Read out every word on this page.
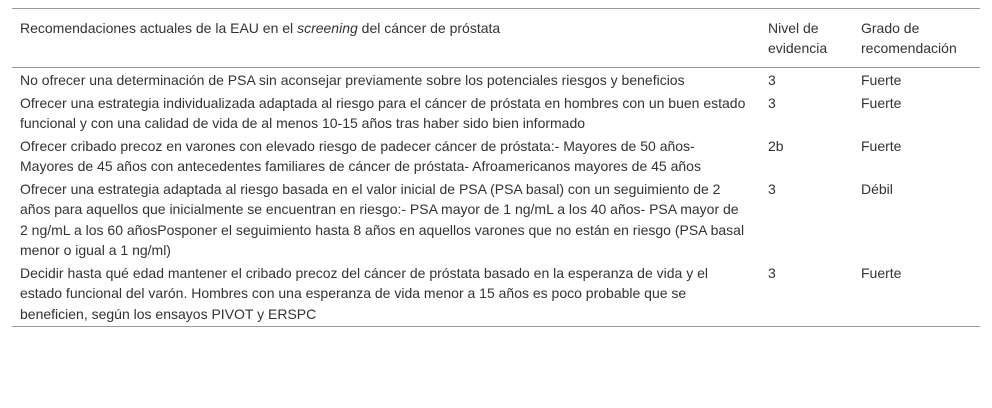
Recomendaciones actuales de la EAU en el screening del cáncer de próstata	Nivel de evidencia	Grado de recomendación
No ofrecer una determinación de PSA sin aconsejar previamente sobre los potenciales riesgos y beneficios	3	Fuerte
Ofrecer una estrategia individualizada adaptada al riesgo para el cáncer de próstata en hombres con un buen estado funcional y con una calidad de vida de al menos 10-15 años tras haber sido bien informado	3	Fuerte
Ofrecer cribado precoz en varones con elevado riesgo de padecer cáncer de próstata:- Mayores de 50 años- Mayores de 45 años con antecedentes familiares de cáncer de próstata- Afroamericanos mayores de 45 años	2b	Fuerte
Ofrecer una estrategia adaptada al riesgo basada en el valor inicial de PSA (PSA basal) con un seguimiento de 2 años para aquellos que inicialmente se encuentran en riesgo:- PSA mayor de 1 ng/mL a los 40 años- PSA mayor de 2 ng/mL a los 60 añosPosponer el seguimiento hasta 8 años en aquellos varones que no están en riesgo (PSA basal menor o igual a 1 ng/ml)	3	Débil
Decidir hasta qué edad mantener el cribado precoz del cáncer de próstata basado en la esperanza de vida y el estado funcional del varón. Hombres con una esperanza de vida menor a 15 años es poco probable que se beneficien, según los ensayos PIVOT y ERSPC	3	Fuerte
